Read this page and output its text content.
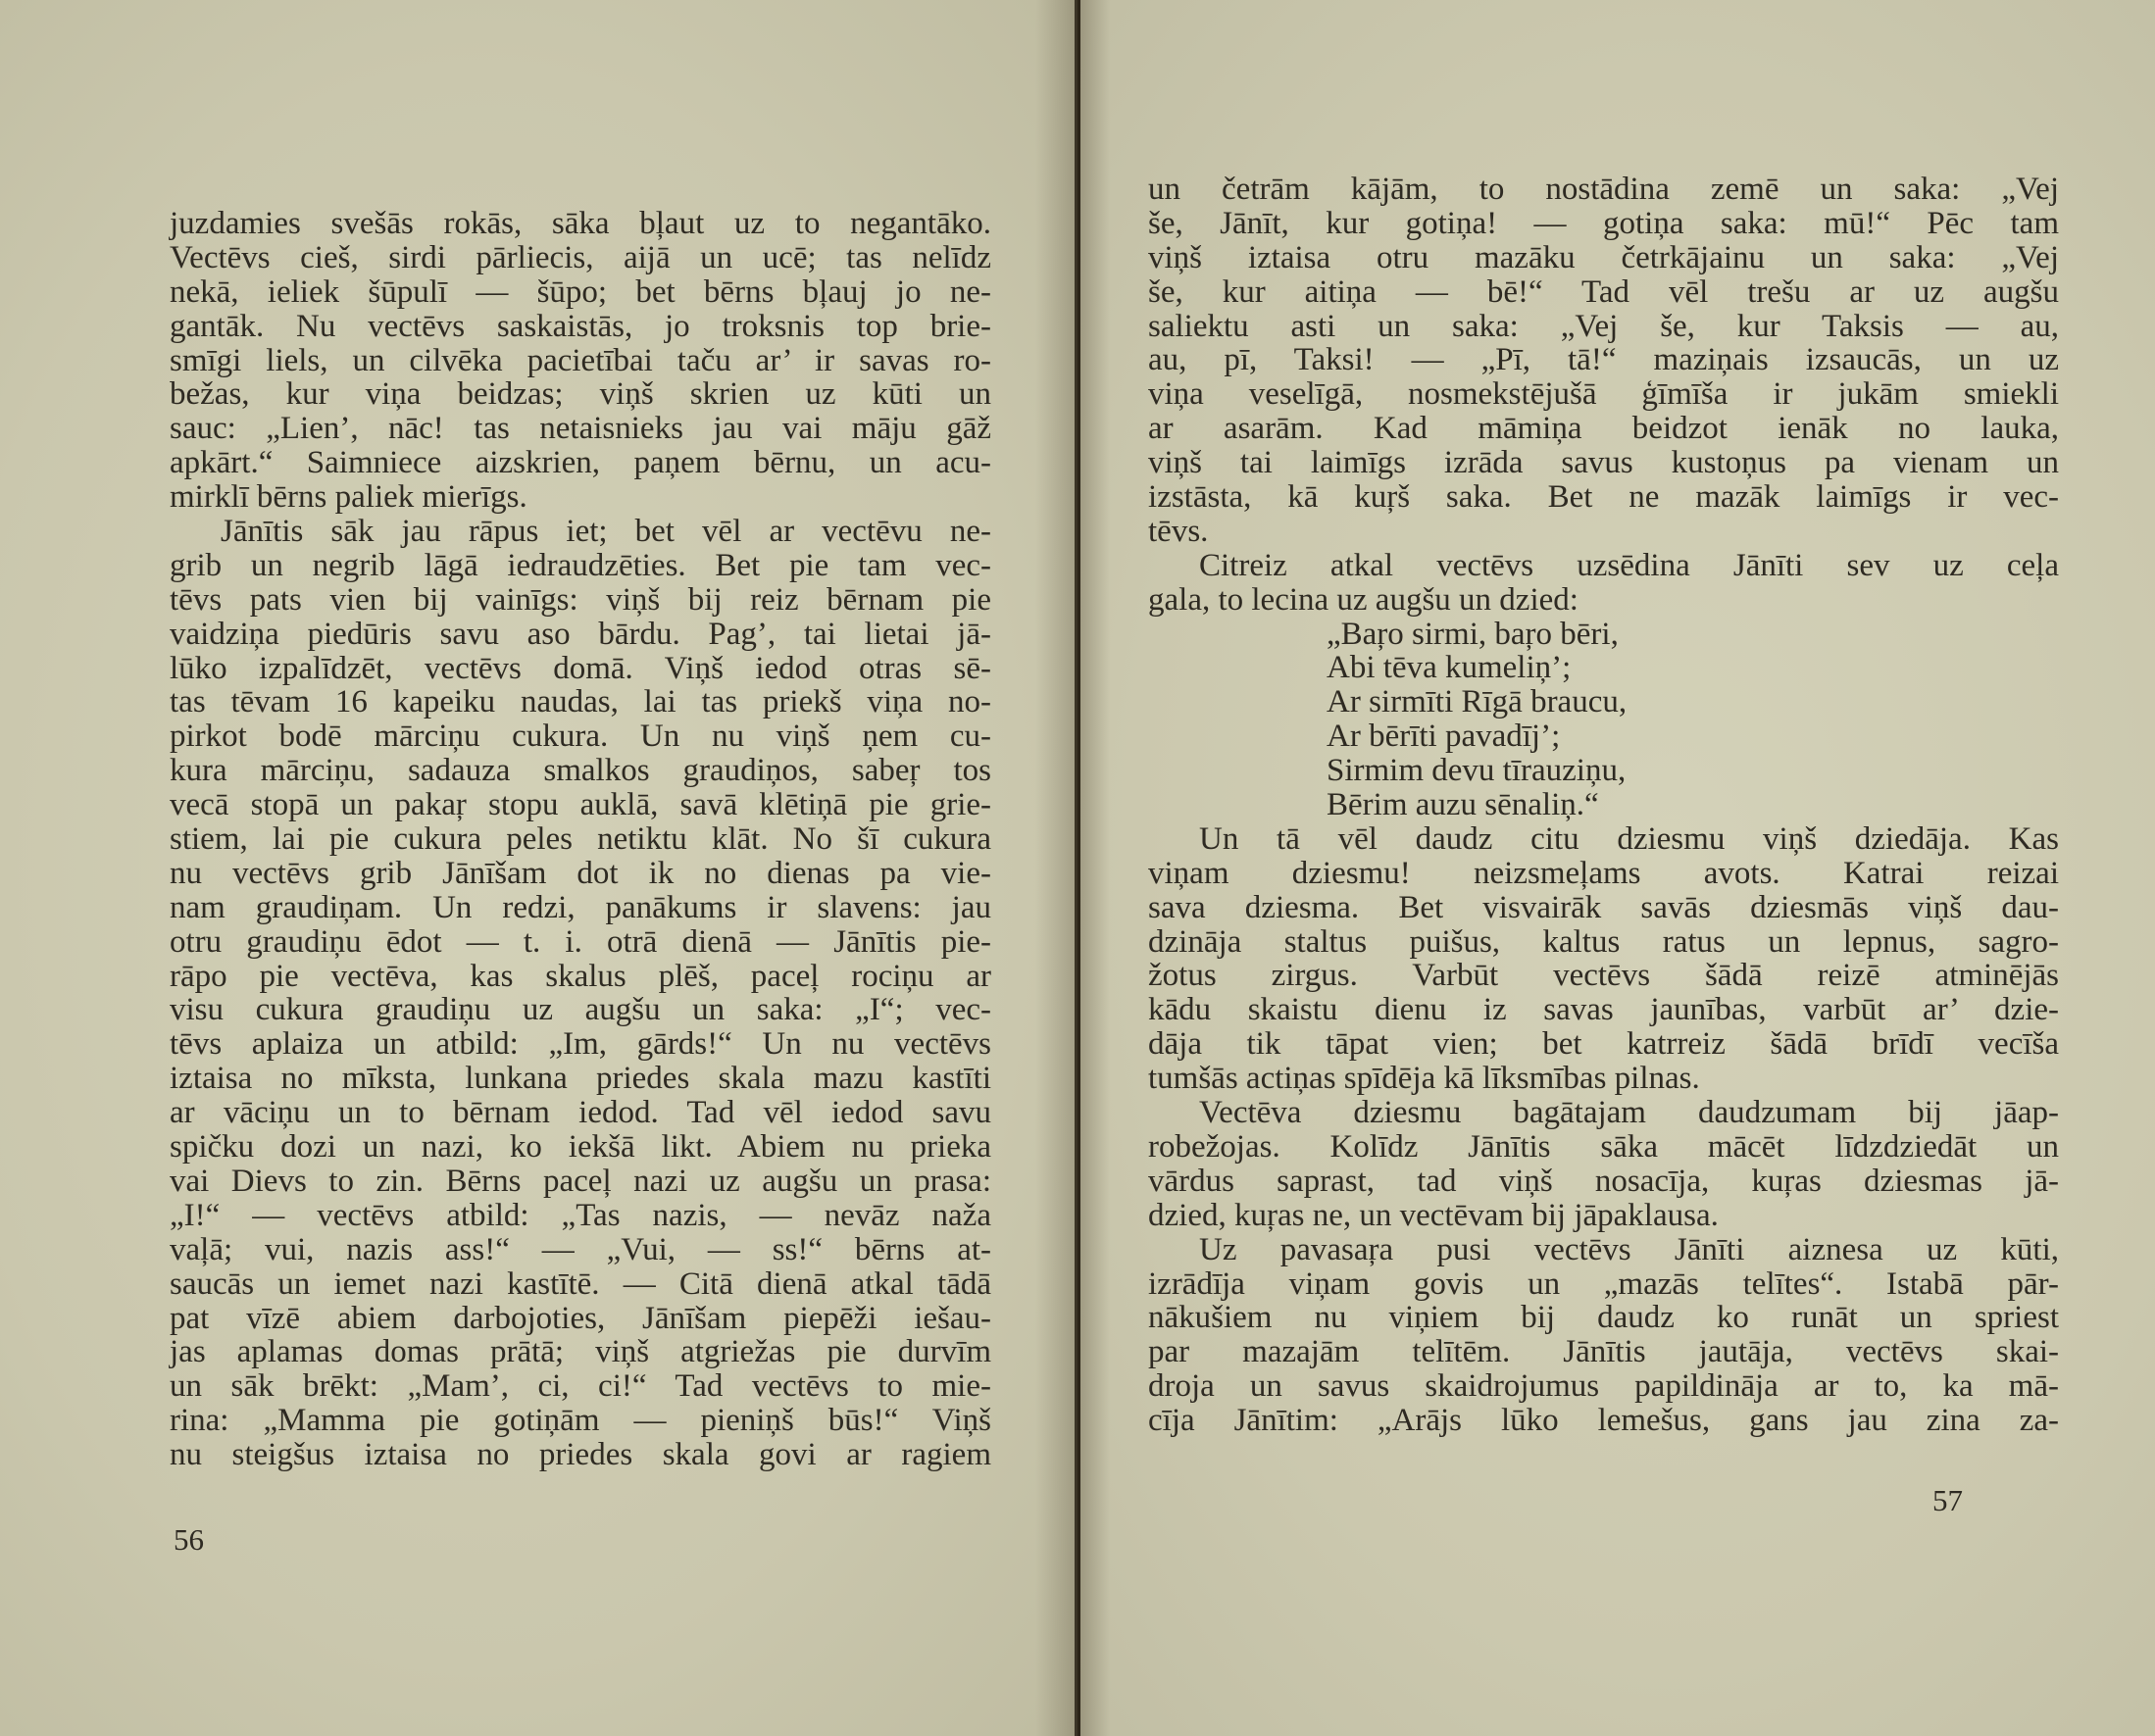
juzdamies svešās rokās, sāka bļaut uz to negantāko.
Vectēvs cieš, sirdi pārliecis, aijā un ucē; tas nelīdz
nekā, ieliek šūpulī — šūpo; bet bērns bļauj jo ne-
gantāk. Nu vectēvs saskaistās, jo troksnis top brie-
smīgi liels, un cilvēka pacietībai taču ar’ ir savas ro-
bežas, kur viņa beidzas; viņš skrien uz kūti un
sauc: „Lien’, nāc! tas netaisnieks jau vai māju gāž
apkārt.“ Saimniece aizskrien, paņem bērnu, un acu-
mirklī bērns paliek mierīgs.
Jānītis sāk jau rāpus iet; bet vēl ar vectēvu ne-
grib un negrib lāgā iedraudzēties. Bet pie tam vec-
tēvs pats vien bij vainīgs: viņš bij reiz bērnam pie
vaidziņa piedūris savu aso bārdu. Pag’, tai lietai jā-
lūko izpalīdzēt, vectēvs domā. Viņš iedod otras sē-
tas tēvam 16 kapeiku naudas, lai tas priekš viņa no-
pirkot bodē mārciņu cukura. Un nu viņš ņem cu-
kura mārciņu, sadauza smalkos graudiņos, sabeŗ tos
vecā stopā un pakaŗ stopu auklā, savā klētiņā pie grie-
stiem, lai pie cukura peles netiktu klāt. No šī cukura
nu vectēvs grib Jānīšam dot ik no dienas pa vie-
nam graudiņam. Un redzi, panākums ir slavens: jau
otru graudiņu ēdot — t. i. otrā dienā — Jānītis pie-
rāpo pie vectēva, kas skalus plēš, paceļ rociņu ar
visu cukura graudiņu uz augšu un saka: „I“; vec-
tēvs aplaiza un atbild: „Im, gārds!“ Un nu vectēvs
iztaisa no mīksta, lunkana priedes skala mazu kastīti
ar vāciņu un to bērnam iedod. Tad vēl iedod savu
spičku dozi un nazi, ko iekšā likt. Abiem nu prieka
vai Dievs to zin. Bērns paceļ nazi uz augšu un prasa:
„I!“ — vectēvs atbild: „Tas nazis, — nevāz naža
vaļā; vui, nazis ass!“ — „Vui, — ss!“ bērns at-
saucās un iemet nazi kastītē. — Citā dienā atkal tādā
pat vīzē abiem darbojoties, Jānīšam piepēži iešau-
jas aplamas domas prātā; viņš atgriežas pie durvīm
un sāk brēkt: „Mam’, ci, ci!“ Tad vectēvs to mie-
rina: „Mamma pie gotiņām — pieniņš būs!“ Viņš
nu steigšus iztaisa no priedes skala govi ar ragiem
56
un četrām kājām, to nostādina zemē un saka: „Vej
še, Jānīt, kur gotiņa! — gotiņa saka: mū!“ Pēc tam
viņš iztaisa otru mazāku četrkājainu un saka: „Vej
še, kur aitiņa — bē!“ Tad vēl trešu ar uz augšu
saliektu asti un saka: „Vej še, kur Taksis — au,
au, pī, Taksi! — „Pī, tā!“ maziņais izsaucās, un uz
viņa veselīgā, nosmekstējušā ģīmīša ir jukām smiekli
ar asarām. Kad māmiņa beidzot ienāk no lauka,
viņš tai laimīgs izrāda savus kustoņus pa vienam un
izstāsta, kā kuŗš saka. Bet ne mazāk laimīgs ir vec-
tēvs.
Citreiz atkal vectēvs uzsēdina Jānīti sev uz ceļa
gala, to lecina uz augšu un dzied:
„Baŗo sirmi, baŗo bēri,
Abi tēva kumeliņ’;
Ar sirmīti Rīgā braucu,
Ar bērīti pavadīj’;
Sirmim devu tīrauziņu,
Bērim auzu sēnaliņ.“
Un tā vēl daudz citu dziesmu viņš dziedāja. Kas
viņam dziesmu! neizsmeļams avots. Katrai reizai
sava dziesma. Bet visvairāk savās dziesmās viņš dau-
dzināja staltus puišus, kaltus ratus un lepnus, sagro-
žotus zirgus. Varbūt vectēvs šādā reizē atminējās
kādu skaistu dienu iz savas jaunības, varbūt ar’ dzie-
dāja tik tāpat vien; bet katrreiz šādā brīdī vecīša
tumšās actiņas spīdēja kā līksmības pilnas.
Vectēva dziesmu bagātajam daudzumam bij jāap-
robežojas. Kolīdz Jānītis sāka mācēt līdzdziedāt un
vārdus saprast, tad viņš nosacīja, kuŗas dziesmas jā-
dzied, kuŗas ne, un vectēvam bij jāpaklausa.
Uz pavasaŗa pusi vectēvs Jānīti aiznesa uz kūti,
izrādīja viņam govis un „mazās telītes“. Istabā pār-
nākušiem nu viņiem bij daudz ko runāt un spriest
par mazajām telītēm. Jānītis jautāja, vectēvs skai-
droja un savus skaidrojumus papildināja ar to, ka mā-
cīja Jānītim: „Arājs lūko lemešus, gans jau zina za-
57
